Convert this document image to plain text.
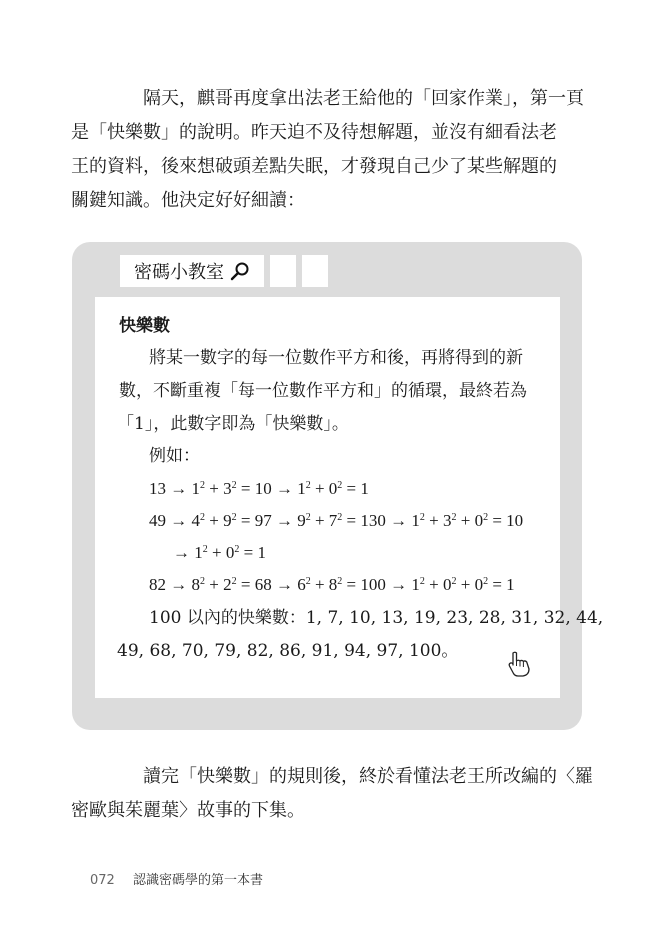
隔天，麒哥再度拿出法老王給他的「回家作業」，第一頁
是「快樂數」的說明。昨天迫不及待想解題，並沒有細看法老
王的資料，後來想破頭差點失眠，才發現自己少了某些解題的
關鍵知識。他決定好好細讀：
密碼小教室
快樂數
將某一數字的每一位數作平方和後，再將得到的新
數，不斷重複「每一位數作平方和」的循環，最終若為
「1」，此數字即為「快樂數」。
例如：
$13 \to 1^2 + 3^2 = 10 \to 1^2 + 0^2 = 1$
$49 \to 4^2 + 9^2 = 97 \to 9^2 + 7^2 = 130 \to 1^2 + 3^2 + 0^2 = 10$
→ $1^2 + 0^2 = 1$
$82 \to 8^2 + 2^2 = 68 \to 6^2 + 8^2 = 100 \to 1^2 + 0^2 + 0^2 = 1$
100 以內的快樂數：1, 7, 10, 13, 19, 23, 28, 31, 32, 44,
49, 68, 70, 79, 82, 86, 91, 94, 97, 100。
讀完「快樂數」的規則後，終於看懂法老王所改編的〈羅
密歐與茱麗葉〉故事的下集。
072 認識密碼學的第一本書
